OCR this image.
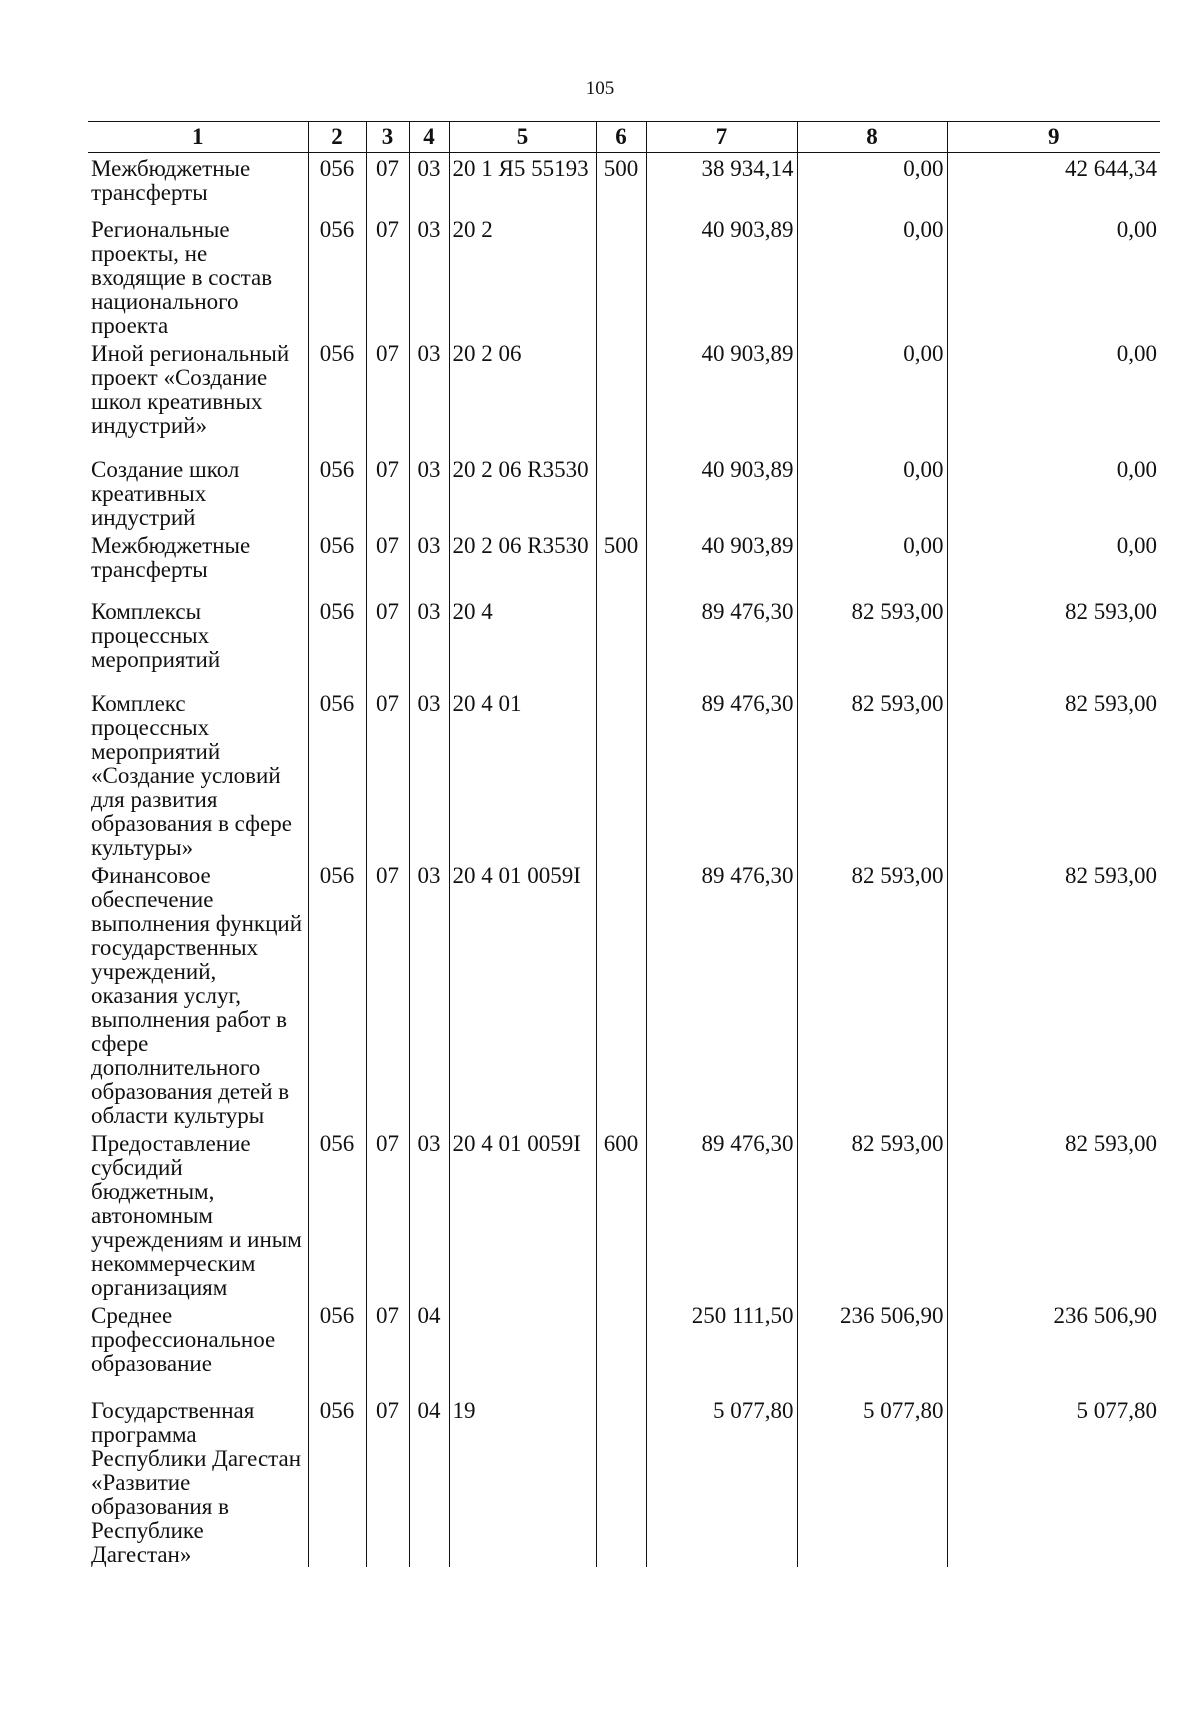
105
1	2	3	4	5	6	7	8	9
Межбюджетные трансферты	056	07	03	20 1 Я5 55193	500	38 934,14	0,00	42 644,34
Региональные проекты, не входящие в состав национального проекта	056	07	03	20 2		40 903,89	0,00	0,00
Иной региональный проект «Создание школ креативных индустрий»	056	07	03	20 2 06		40 903,89	0,00	0,00
Создание школ креативных индустрий	056	07	03	20 2 06 R3530		40 903,89	0,00	0,00
Межбюджетные трансферты	056	07	03	20 2 06 R3530	500	40 903,89	0,00	0,00
Комплексы процессных мероприятий	056	07	03	20 4		89 476,30	82 593,00	82 593,00
Комплекс процессных мероприятий «Создание условий для развития образования в сфере культуры»	056	07	03	20 4 01		89 476,30	82 593,00	82 593,00
Финансовое обеспечение выполнения функций государственных учреждений, оказания услуг, выполнения работ в сфере дополнительного образования детей в области культуры	056	07	03	20 4 01 0059I		89 476,30	82 593,00	82 593,00
Предоставление субсидий бюджетным, автономным учреждениям и иным некоммерческим организациям	056	07	03	20 4 01 0059I	600	89 476,30	82 593,00	82 593,00
Среднее профессиональное образование	056	07	04			250 111,50	236 506,90	236 506,90
Государственная программа Республики Дагестан «Развитие образования в Республике Дагестан»	056	07	04	19		5 077,80	5 077,80	5 077,80
